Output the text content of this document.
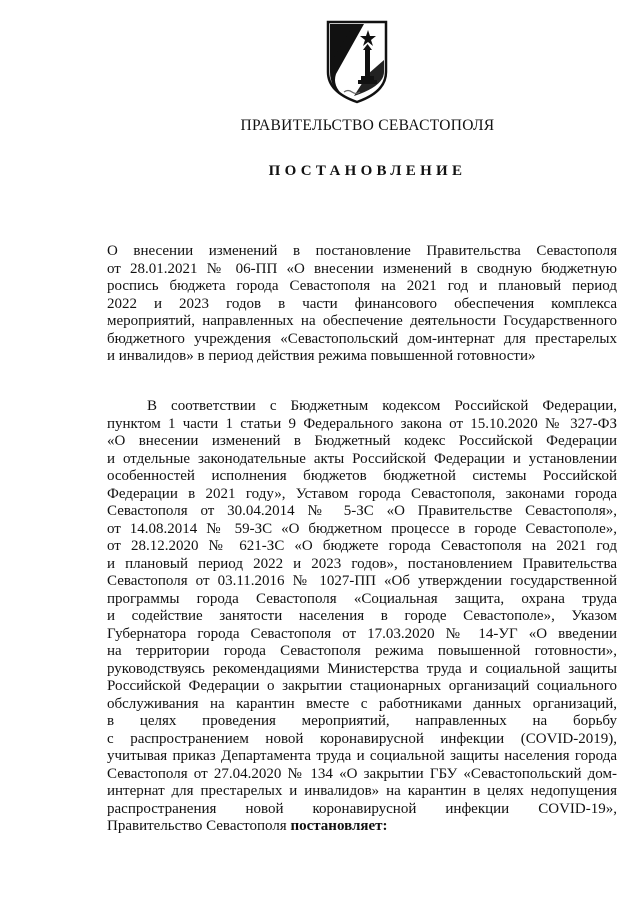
ПРАВИТЕЛЬСТВО СЕВАСТОПОЛЯ
ПОСТАНОВЛЕНИЕ
О внесении изменений в постановление Правительства Севастополя
от 28.01.2021 № 06-ПП «О внесении изменений в сводную бюджетную
роспись бюджета города Севастополя на 2021 год и плановый период
2022 и 2023 годов в части финансового обеспечения комплекса
мероприятий, направленных на обеспечение деятельности Государственного
бюджетного учреждения «Севастопольский дом-интернат для престарелых
и инвалидов» в период действия режима повышенной готовности»
В соответствии с Бюджетным кодексом Российской Федерации,
пунктом 1 части 1 статьи 9 Федерального закона от 15.10.2020 № 327-ФЗ
«О внесении изменений в Бюджетный кодекс Российской Федерации
и отдельные законодательные акты Российской Федерации и установлении
особенностей исполнения бюджетов бюджетной системы Российской
Федерации в 2021 году», Уставом города Севастополя, законами города
Севастополя от 30.04.2014 № 5-ЗС «О Правительстве Севастополя»,
от 14.08.2014 № 59-ЗС «О бюджетном процессе в городе Севастополе»,
от 28.12.2020 № 621-ЗС «О бюджете города Севастополя на 2021 год
и плановый период 2022 и 2023 годов», постановлением Правительства
Севастополя от 03.11.2016 № 1027-ПП «Об утверждении государственной
программы города Севастополя «Социальная защита, охрана труда
и содействие занятости населения в городе Севастополе», Указом
Губернатора города Севастополя от 17.03.2020 № 14-УГ «О введении
на территории города Севастополя режима повышенной готовности»,
руководствуясь рекомендациями Министерства труда и социальной защиты
Российской Федерации о закрытии стационарных организаций социального
обслуживания на карантин вместе с работниками данных организаций,
в целях проведения мероприятий, направленных на борьбу
с распространением новой коронавирусной инфекции (COVID-2019),
учитывая приказ Департамента труда и социальной защиты населения города
Севастополя от 27.04.2020 № 134 «О закрытии ГБУ «Севастопольский дом-
интернат для престарелых и инвалидов» на карантин в целях недопущения
распространения новой коронавирусной инфекции COVID-19»,
Правительство Севастополя постановляет:
